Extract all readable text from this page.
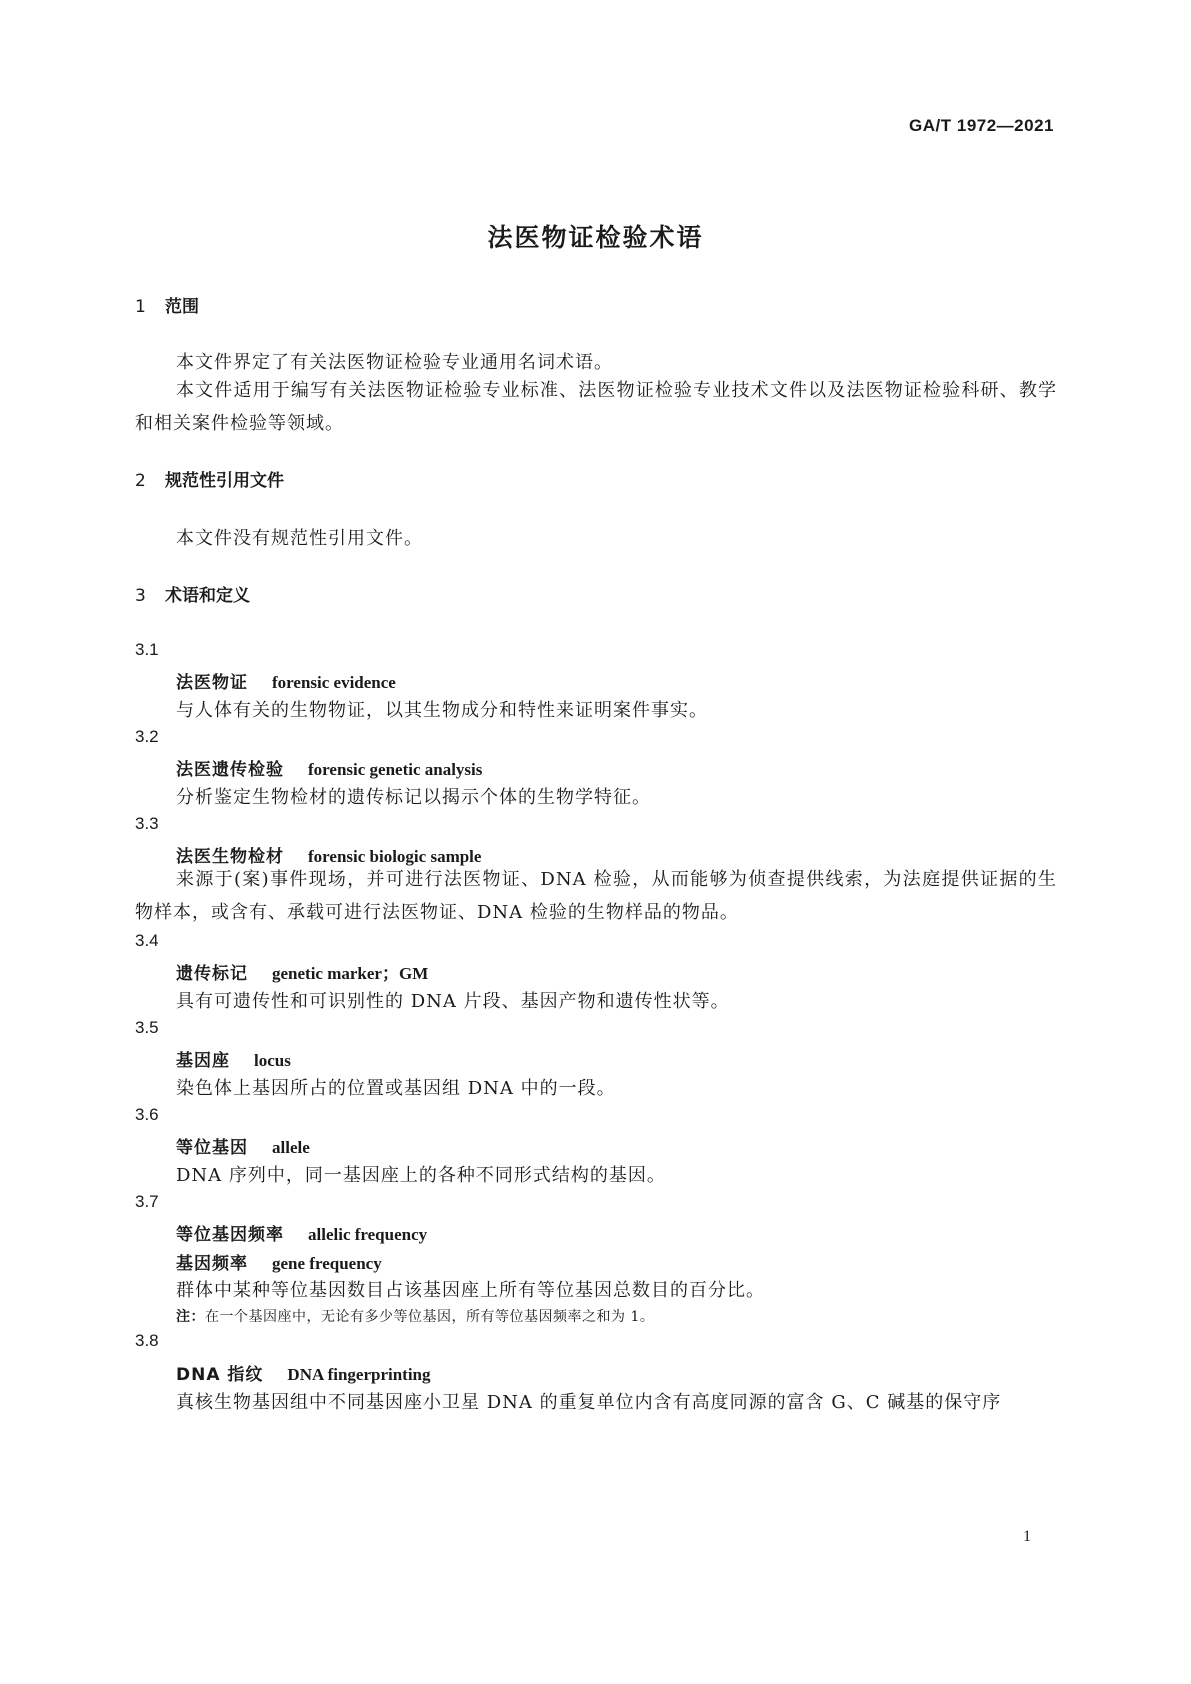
GA/T 1972—2021
法医物证检验术语
1 范围
本文件界定了有关法医物证检验专业通用名词术语。
本文件适用于编写有关法医物证检验专业标准、法医物证检验专业技术文件以及法医物证检验科研、教学和相关案件检验等领域。
2 规范性引用文件
本文件没有规范性引用文件。
3 术语和定义
3.1
法医物证 forensic evidence
与人体有关的生物物证，以其生物成分和特性来证明案件事实。
3.2
法医遗传检验 forensic genetic analysis
分析鉴定生物检材的遗传标记以揭示个体的生物学特征。
3.3
法医生物检材 forensic biologic sample
来源于(案)事件现场，并可进行法医物证、DNA 检验，从而能够为侦查提供线索，为法庭提供证据的生物样本，或含有、承载可进行法医物证、DNA 检验的生物样品的物品。
3.4
遗传标记 genetic marker；GM
具有可遗传性和可识别性的 DNA 片段、基因产物和遗传性状等。
3.5
基因座 locus
染色体上基因所占的位置或基因组 DNA 中的一段。
3.6
等位基因 allele
DNA 序列中，同一基因座上的各种不同形式结构的基因。
3.7
等位基因频率 allelic frequency
基因频率 gene frequency
群体中某种等位基因数目占该基因座上所有等位基因总数目的百分比。
注：在一个基因座中，无论有多少等位基因，所有等位基因频率之和为 1。
3.8
DNA 指纹 DNA fingerprinting
真核生物基因组中不同基因座小卫星 DNA 的重复单位内含有高度同源的富含 G、C 碱基的保守序
1
